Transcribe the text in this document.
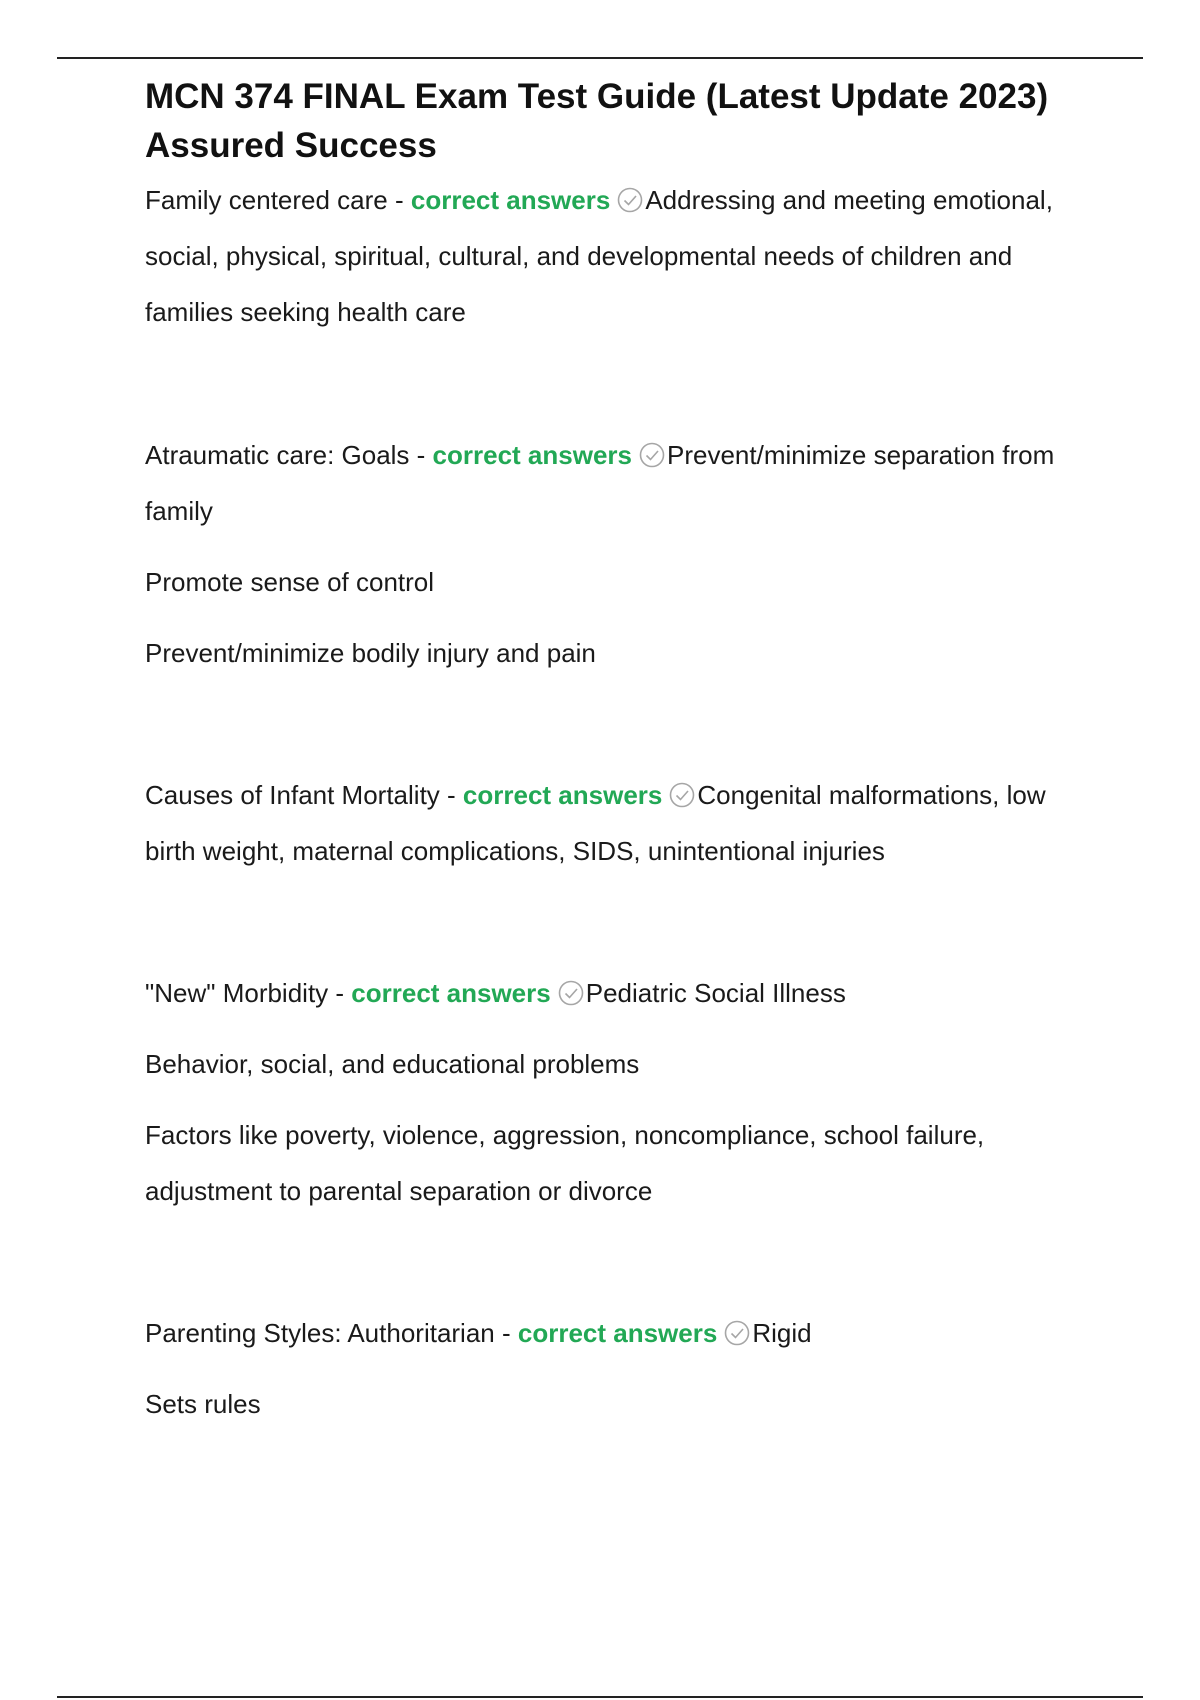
MCN 374 FINAL Exam Test Guide (Latest Update 2023) Assured Success

Family centered care - correct answers Addressing and meeting emotional, social, physical, spiritual, cultural, and developmental needs of children and families seeking health care

Atraumatic care: Goals - correct answers Prevent/minimize separation from family

Promote sense of control

Prevent/minimize bodily injury and pain

Causes of Infant Mortality - correct answers Congenital malformations, low birth weight, maternal complications, SIDS, unintentional injuries

"New" Morbidity - correct answers Pediatric Social Illness

Behavior, social, and educational problems

Factors like poverty, violence, aggression, noncompliance, school failure, adjustment to parental separation or divorce

Parenting Styles: Authoritarian - correct answers Rigid

Sets rules
